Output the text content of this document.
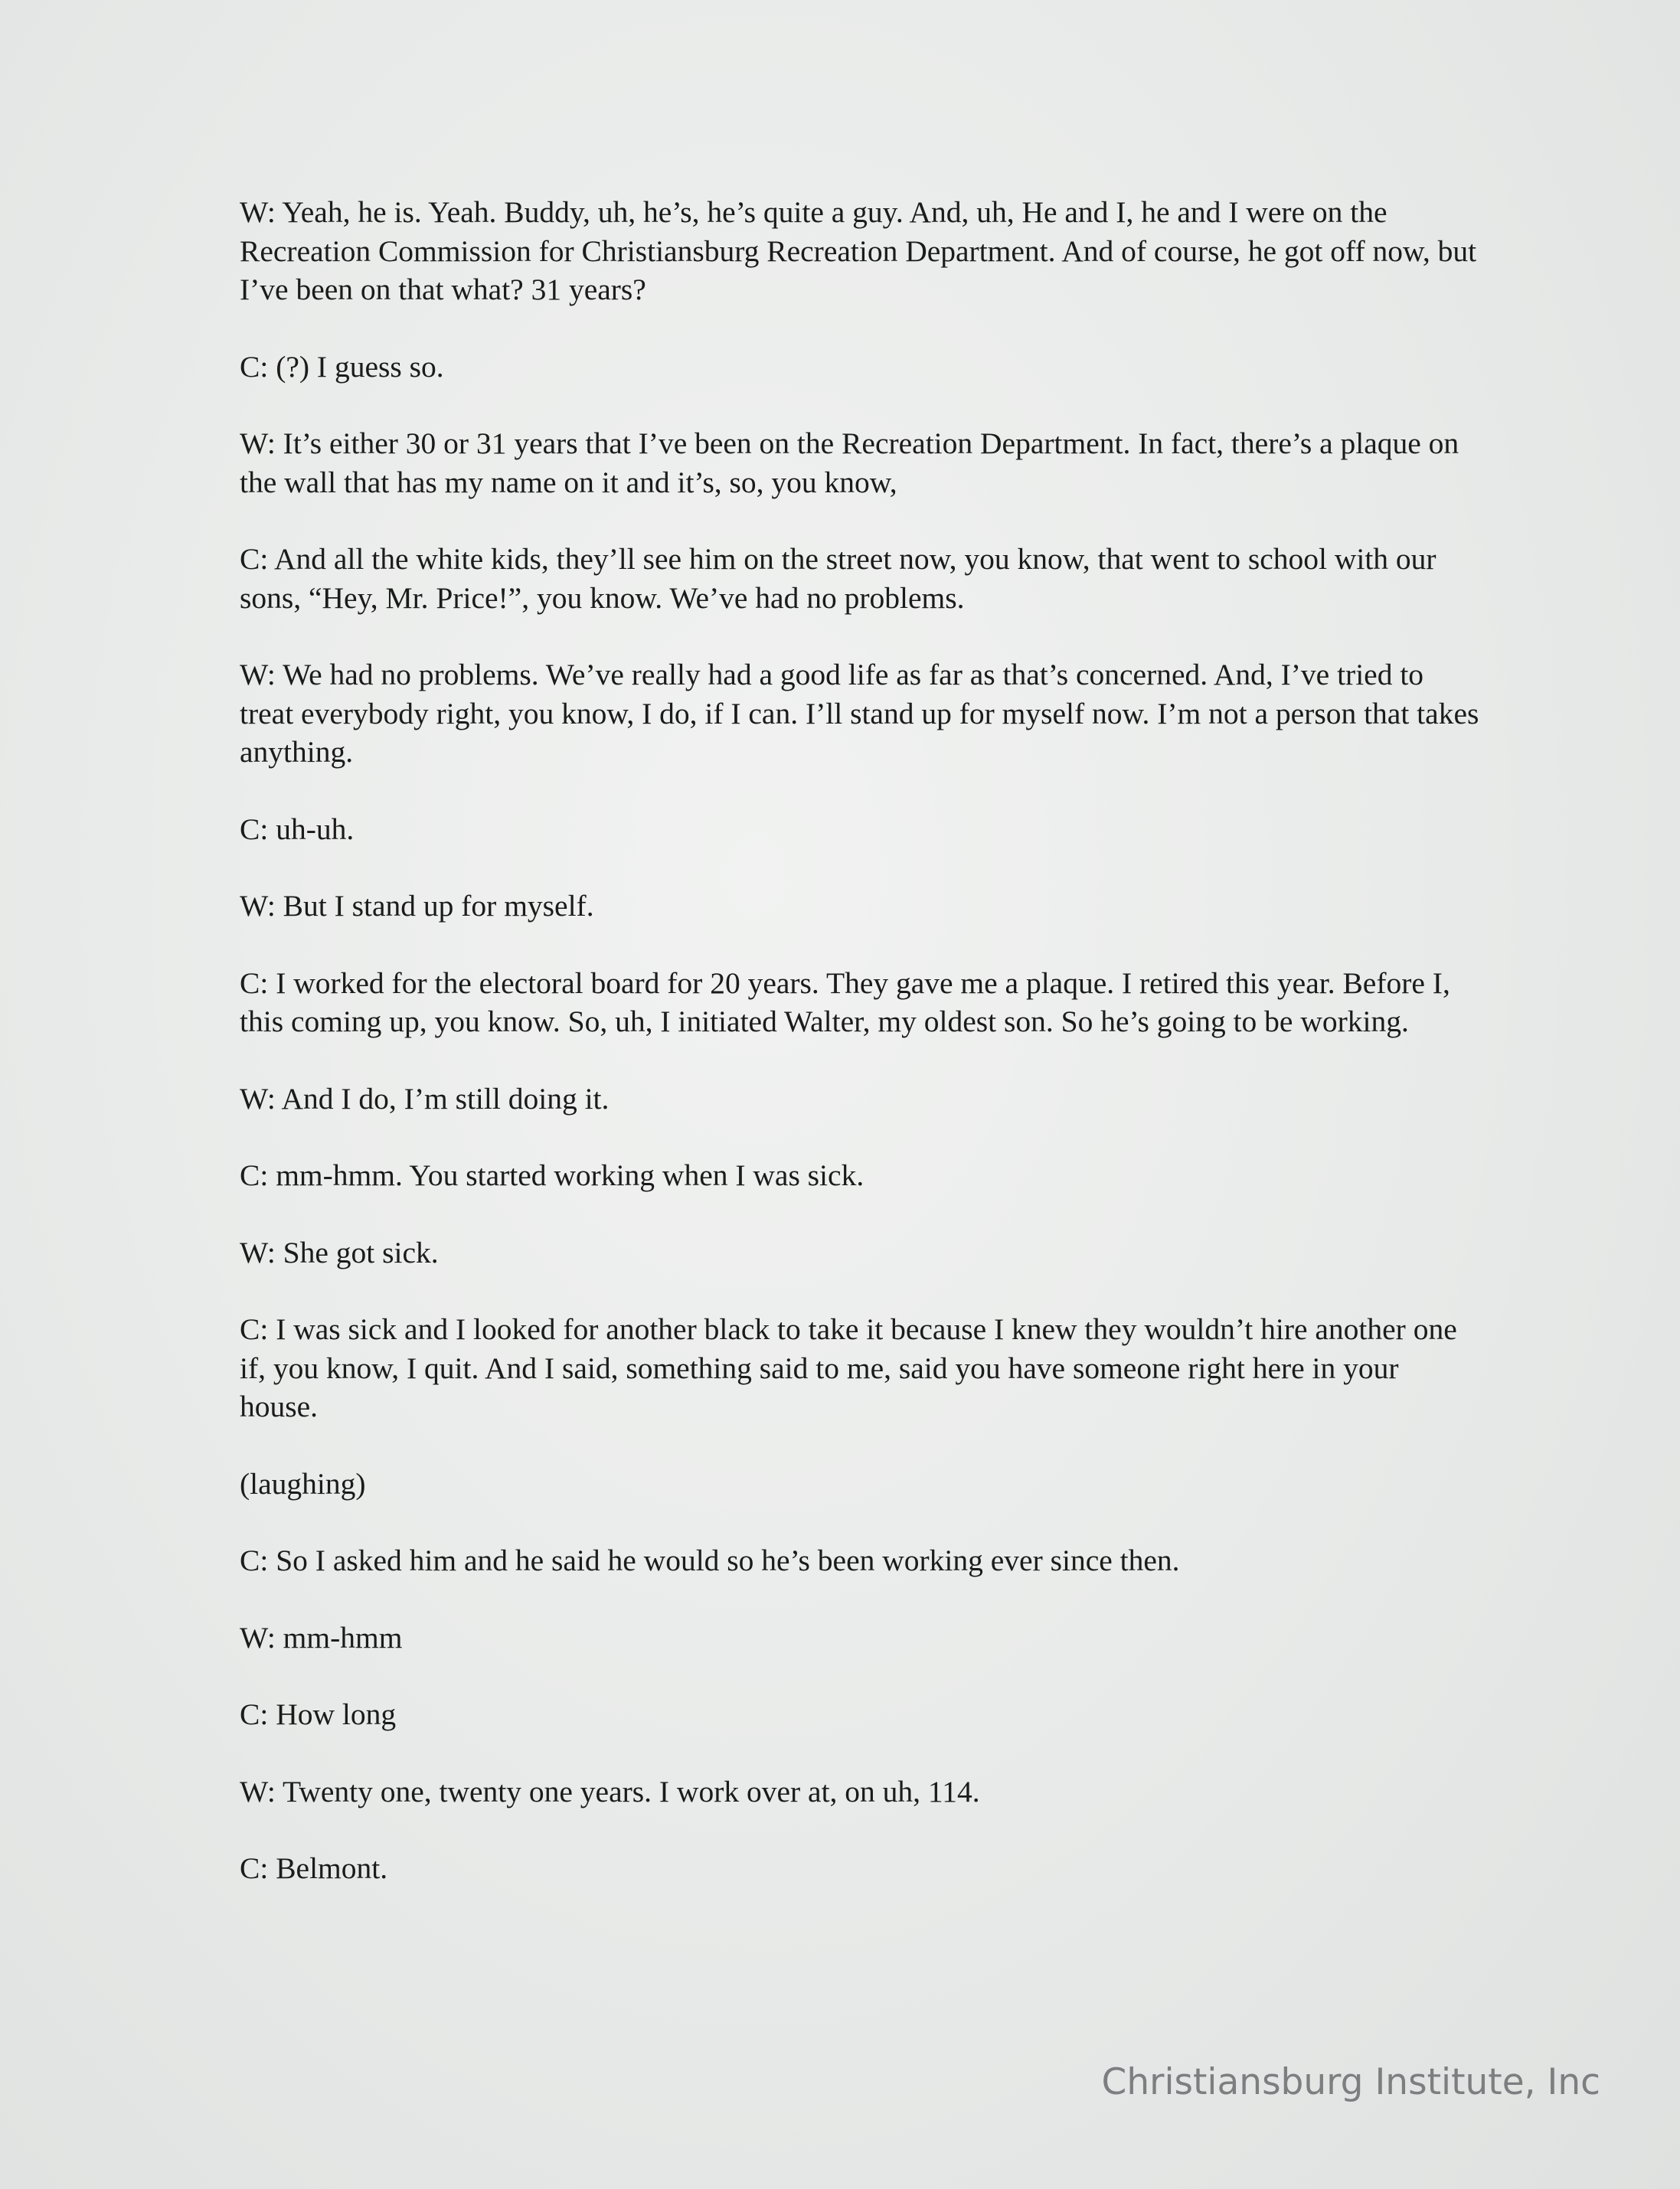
W: Yeah, he is. Yeah. Buddy, uh, he’s, he’s quite a guy. And, uh, He and I, he and I were on the Recreation Commission for Christiansburg Recreation Department. And of course, he got off now, but I’ve been on that what? 31 years?

C: (?) I guess so.

W: It’s either 30 or 31 years that I’ve been on the Recreation Department. In fact, there’s a plaque on the wall that has my name on it and it’s, so, you know,

C: And all the white kids, they’ll see him on the street now, you know, that went to school with our sons, “Hey, Mr. Price!”, you know. We’ve had no problems.

W: We had no problems. We’ve really had a good life as far as that’s concerned. And, I’ve tried to treat everybody right, you know, I do, if I can. I’ll stand up for myself now. I’m not a person that takes anything.

C: uh-uh.

W: But I stand up for myself.

C: I worked for the electoral board for 20 years. They gave me a plaque. I retired this year. Before I, this coming up, you know. So, uh, I initiated Walter, my oldest son. So he’s going to be working.

W: And I do, I’m still doing it.

C: mm-hmm. You started working when I was sick.

W: She got sick.

C: I was sick and I looked for another black to take it because I knew they wouldn’t hire another one if, you know, I quit. And I said, something said to me, said you have someone right here in your house.

(laughing)

C: So I asked him and he said he would so he’s been working ever since then.

W: mm-hmm

C: How long

W: Twenty one, twenty one years. I work over at, on uh, 114.

C: Belmont.

Christiansburg Institute, Inc
